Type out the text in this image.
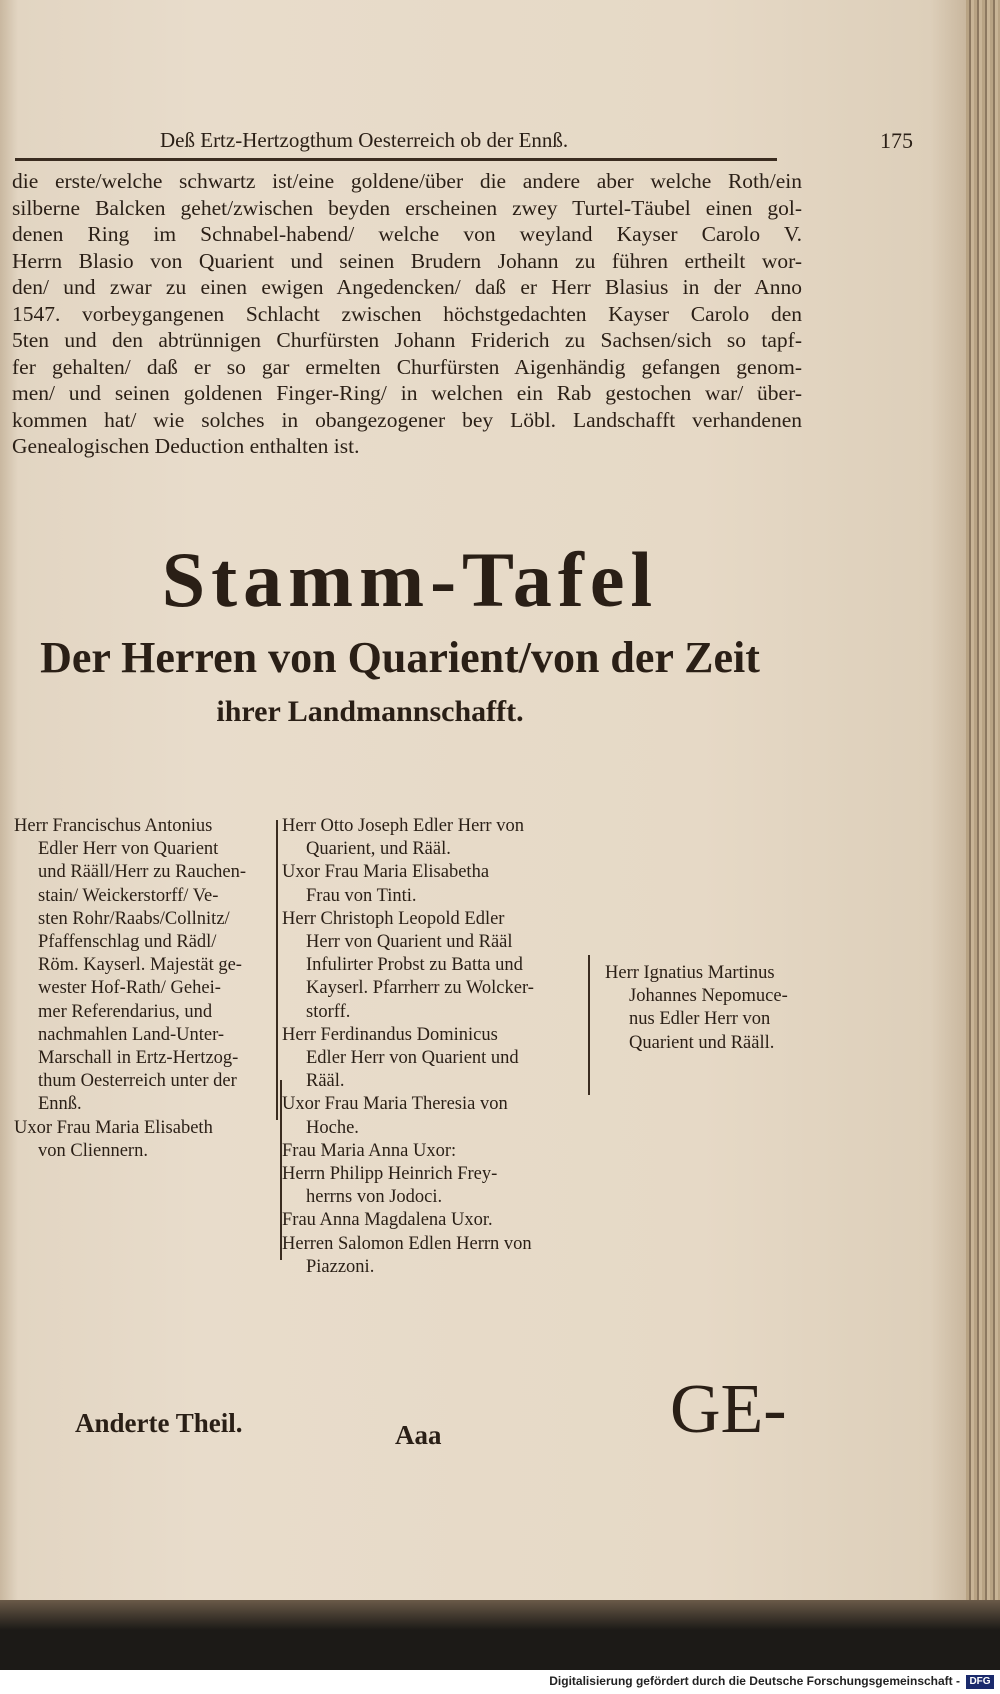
Deß Ertz-Hertzogthum Oesterreich ob der Ennß.	175
die erste/welche schwartz ist/eine goldene/über die andere aber welche Roth/ein
silberne Balcken gehet/zwischen beyden erscheinen zwey Turtel-Täubel einen gol-
denen Ring im Schnabel-habend/ welche von weyland Kayser Carolo V.
Herrn Blasio von Quarient und seinen Brudern Johann zu führen ertheilt wor-
den/ und zwar zu einen ewigen Angedencken/ daß er Herr Blasius in der Anno
1547. vorbeygangenen Schlacht zwischen höchstgedachten Kayser Carolo den
5ten und den abtrünnigen Churfürsten Johann Friderich zu Sachsen/sich so tapf-
fer gehalten/ daß er so gar ermelten Churfürsten Aigenhändig gefangen genom-
men/ und seinen goldenen Finger-Ring/ in welchen ein Rab gestochen war/ über-
kommen hat/ wie solches in obangezogener bey Löbl. Landschafft verhandenen
Genealogischen Deduction enthalten ist.
Stamm-Tafel
Der Herren von Quarient/von der Zeit
ihrer Landmannschafft.
Herr Francischus Antonius
Edler Herr von Quarient
und Rääll/Herr zu Rauchen-
stain/ Weickerstorff/ Ve-
sten Rohr/Raabs/Collnitz/
Pfaffenschlag und Rädl/
Röm. Kayserl. Majestät ge-
wester Hof-Rath/ Gehei-
mer Referendarius, und
nachmahlen Land-Unter-
Marschall in Ertz-Hertzog-
thum Oesterreich unter der
Ennß.
Uxor Frau Maria Elisabeth
von Cliennern.
Herr Otto Joseph Edler Herr von
Quarient, und Rääl.
Uxor Frau Maria Elisabetha
Frau von Tinti.
Herr Christoph Leopold Edler
Herr von Quarient und Rääl
Infulirter Probst zu Batta und
Kayserl. Pfarrherr zu Wolcker-
storff.
Herr Ferdinandus Dominicus
Edler Herr von Quarient und
Rääl.
Uxor Frau Maria Theresia von
Hoche.
Frau Maria Anna Uxor:
Herrn Philipp Heinrich Frey-
herrns von Jodoci.
Frau Anna Magdalena Uxor.
Herren Salomon Edlen Herrn von
Piazzoni.
Herr Ignatius Martinus
Johannes Nepomuce-
nus Edler Herr von
Quarient und Rääll.
Anderte Theil.	Aaa	GE-
Digitalisierung gefördert durch die Deutsche Forschungsgemeinschaft - DFG
